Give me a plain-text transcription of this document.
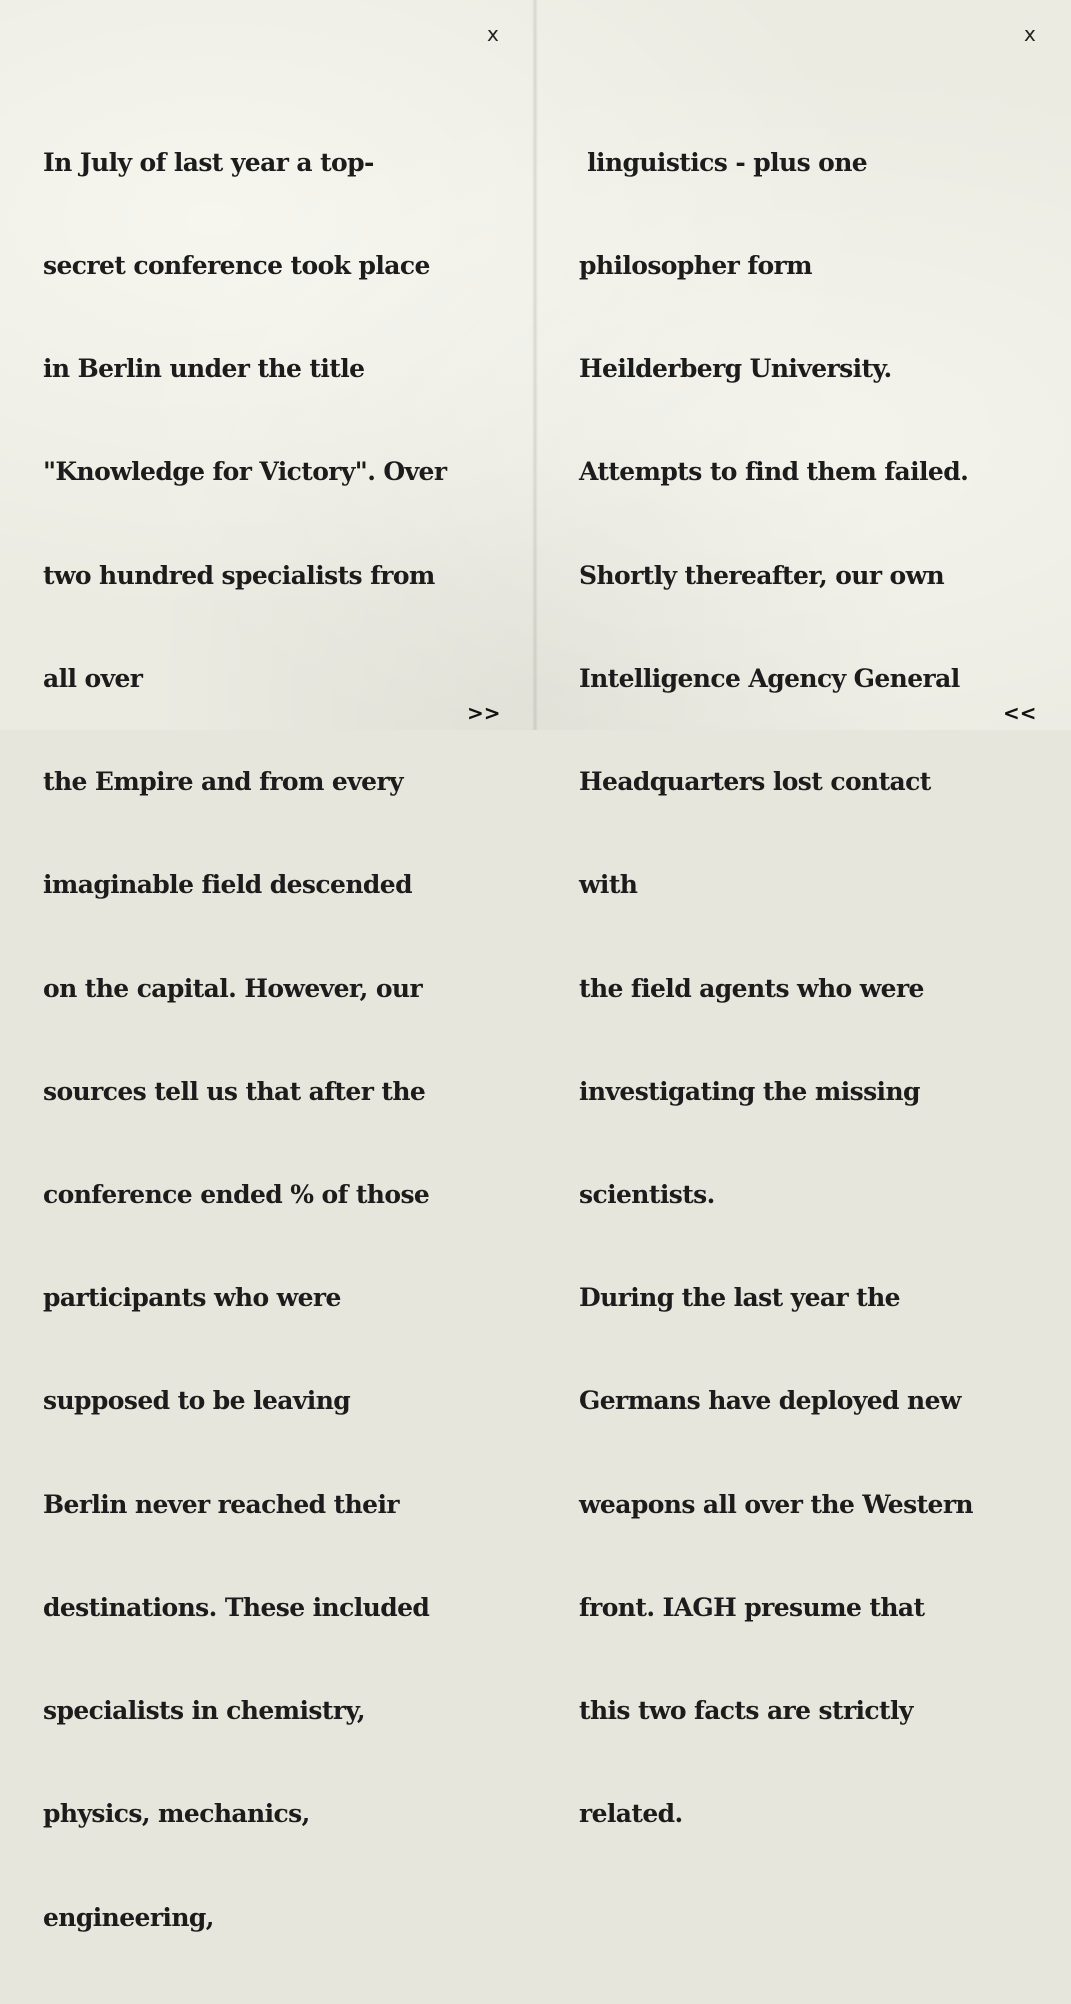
x

In July of last year a top-

secret conference took place

in Berlin under the title

"Knowledge for Victory". Over

two hundred specialists from

all over

the Empire and from every

imaginable field descended

on the capital. However, our

sources tell us that after the

conference ended % of those

participants who were

supposed to be leaving

Berlin never reached their

destinations. These included

specialists in chemistry,

physics, mechanics,

engineering,

>>
x

linguistics - plus one

philosopher form

Heilderberg University.

Attempts to find them failed.

Shortly thereafter, our own

Intelligence Agency General

Headquarters lost contact

with

the field agents who were

investigating the missing

scientists.

During the last year the

Germans have deployed new

weapons all over the Western

front. IAGH presume that

this two facts are strictly

related.

<<
